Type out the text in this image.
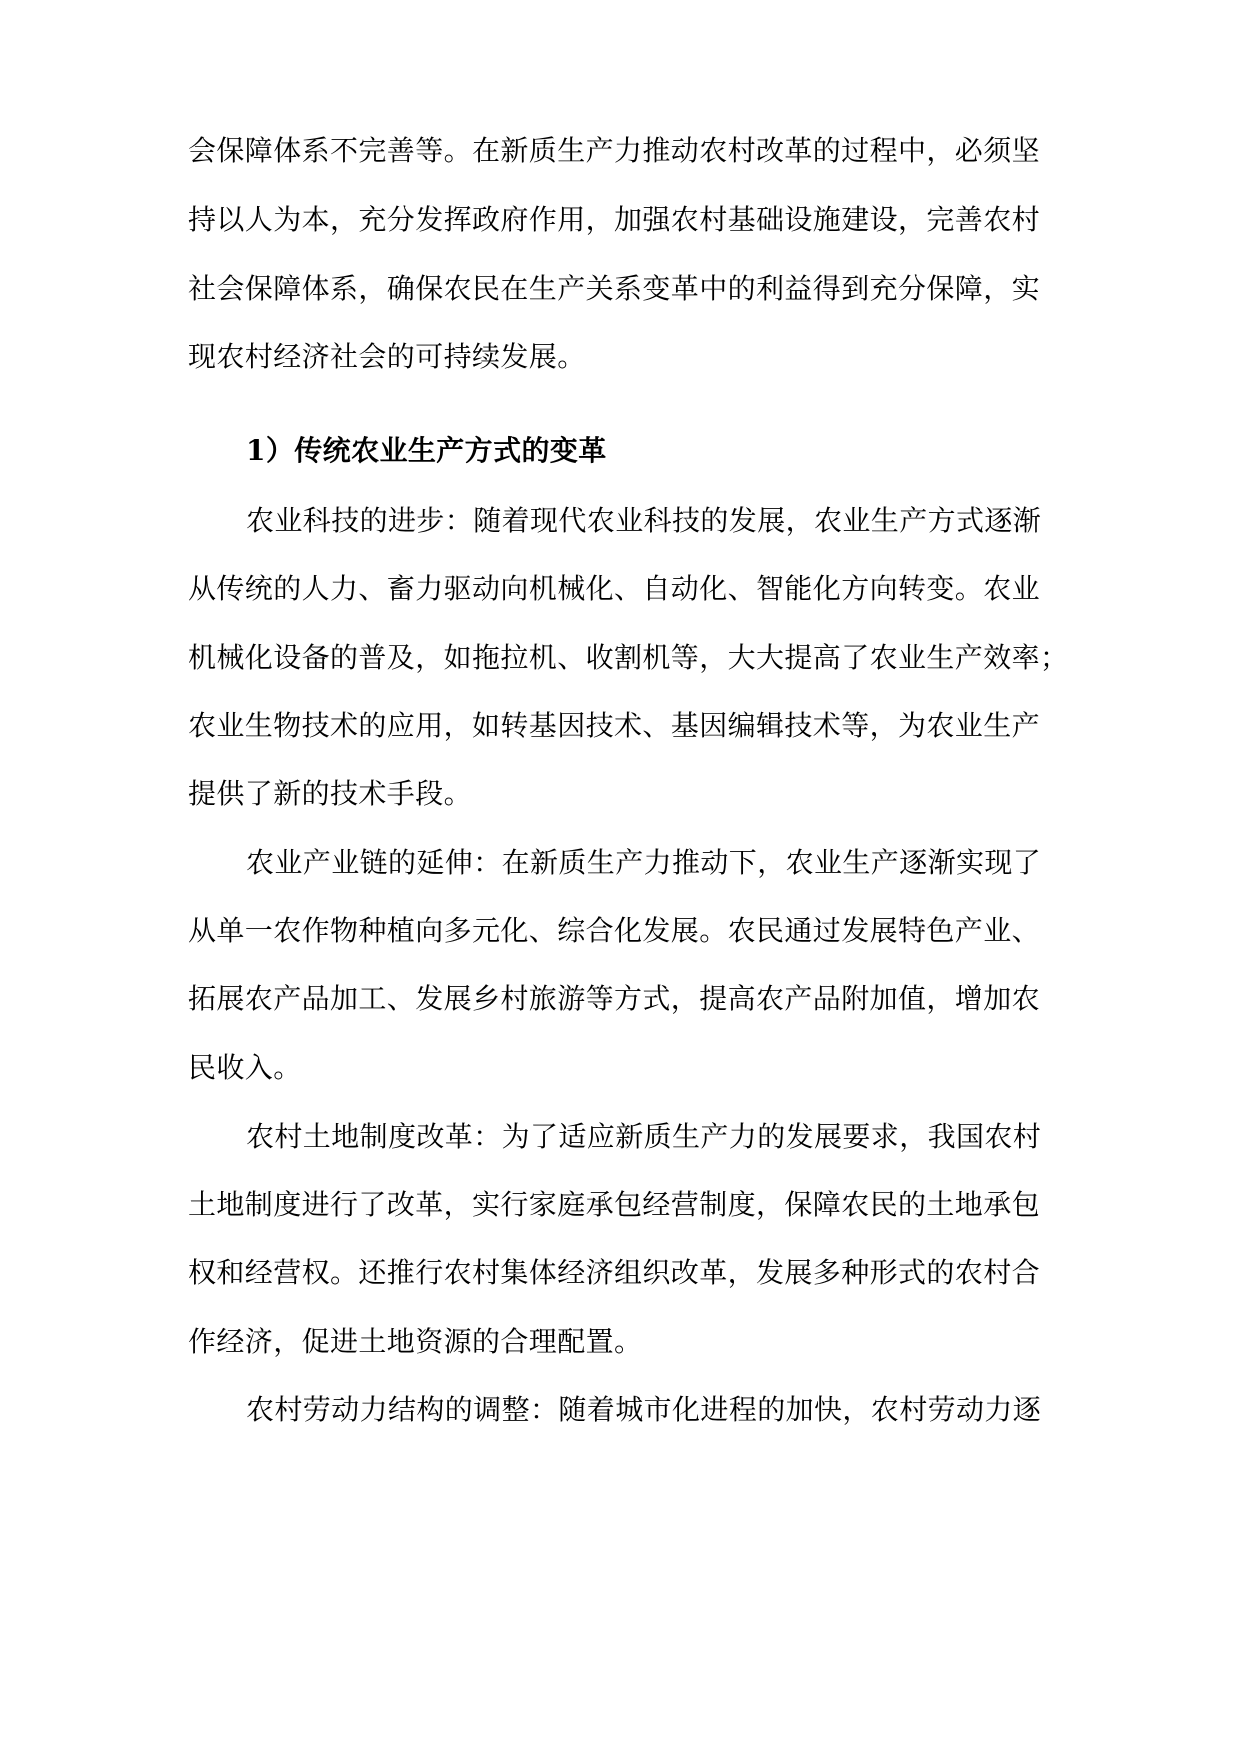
会保障体系不完善等。在新质生产力推动农村改革的过程中，必须坚
持以人为本，充分发挥政府作用，加强农村基础设施建设，完善农村
社会保障体系，确保农民在生产关系变革中的利益得到充分保障，实
现农村经济社会的可持续发展。
1）传统农业生产方式的变革
农业科技的进步：随着现代农业科技的发展，农业生产方式逐渐
从传统的人力、畜力驱动向机械化、自动化、智能化方向转变。农业
机械化设备的普及，如拖拉机、收割机等，大大提高了农业生产效率；
农业生物技术的应用，如转基因技术、基因编辑技术等，为农业生产
提供了新的技术手段。
农业产业链的延伸：在新质生产力推动下，农业生产逐渐实现了
从单一农作物种植向多元化、综合化发展。农民通过发展特色产业、
拓展农产品加工、发展乡村旅游等方式，提高农产品附加值，增加农
民收入。
农村土地制度改革：为了适应新质生产力的发展要求，我国农村
土地制度进行了改革，实行家庭承包经营制度，保障农民的土地承包
权和经营权。还推行农村集体经济组织改革，发展多种形式的农村合
作经济，促进土地资源的合理配置。
农村劳动力结构的调整：随着城市化进程的加快，农村劳动力逐
